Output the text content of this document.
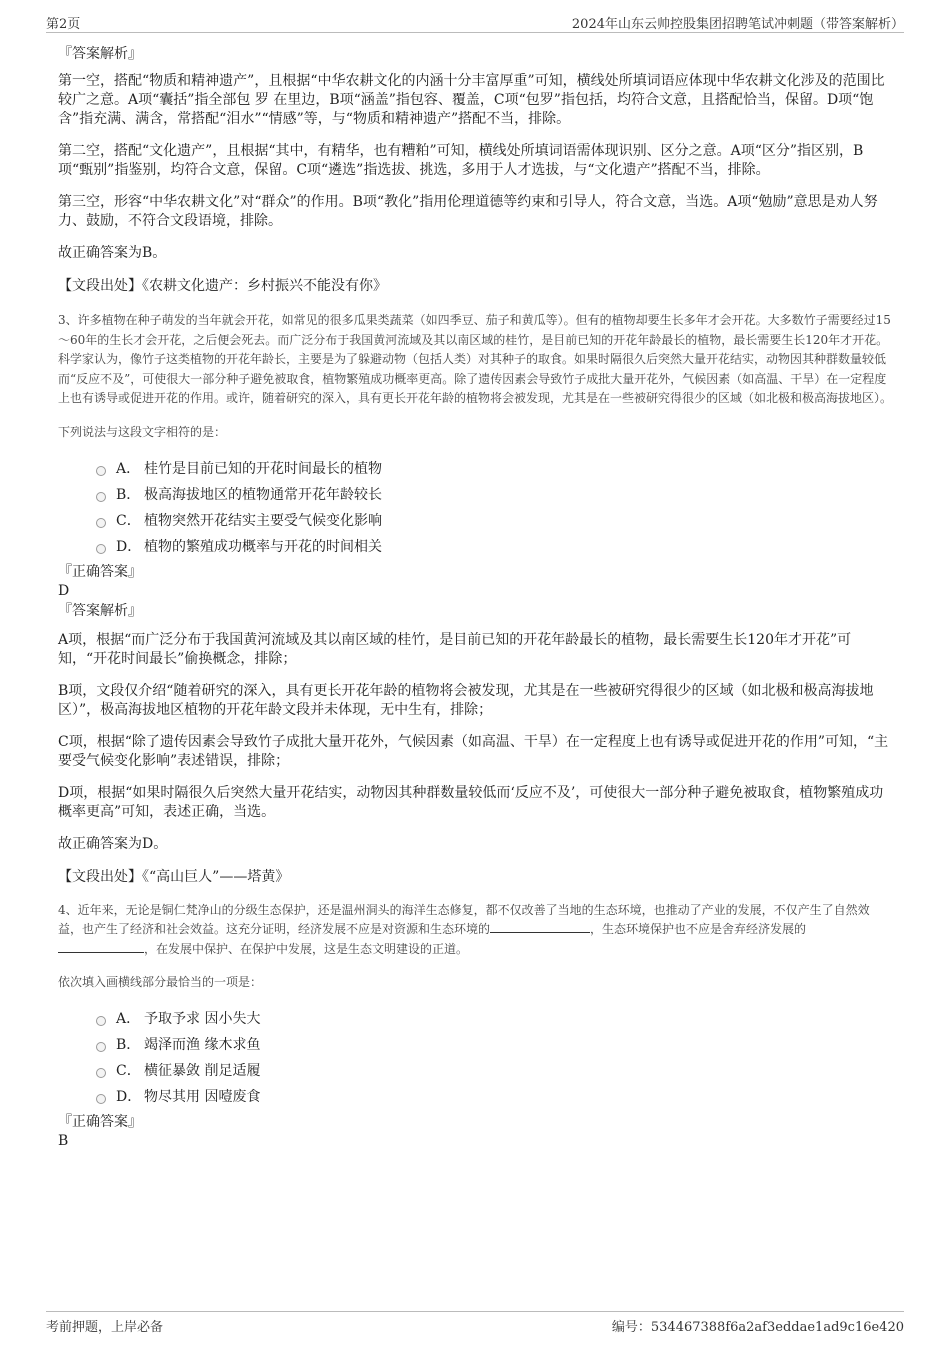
第2页	2024年山东云帅控股集团招聘笔试冲刺题（带答案解析）

『答案解析』

第一空，搭配“物质和精神遗产”，且根据“中华农耕文化的内涵十分丰富厚重”可知，横线处所填词语应体现中华农耕文化涉及的范围比较广之意。A项“囊括”指全部包 罗 在里边，B项“涵盖”指包容、覆盖，C项“包罗”指包括，均符合文意，且搭配恰当，保留。D项“饱含”指充满、满含，常搭配“泪水”“情感”等，与“物质和精神遗产”搭配不当，排除。

第二空，搭配“文化遗产”，且根据“其中，有精华，也有糟粕”可知，横线处所填词语需体现识别、区分之意。A项“区分”指区别，B项“甄别”指鉴别，均符合文意，保留。C项“遴选”指选拔、挑选，多用于人才选拔，与“文化遗产”搭配不当，排除。

第三空，形容“中华农耕文化”对“群众”的作用。B项“教化”指用伦理道德等约束和引导人，符合文意，当选。A项“勉励”意思是劝人努力、鼓励，不符合文段语境，排除。

故正确答案为B。

【文段出处】《农耕文化遗产：乡村振兴不能没有你》

3、许多植物在种子萌发的当年就会开花，如常见的很多瓜果类蔬菜（如四季豆、茄子和黄瓜等）。但有的植物却要生长多年才会开花。大多数竹子需要经过15～60年的生长才会开花，之后便会死去。而广泛分布于我国黄河流域及其以南区域的桂竹，是目前已知的开花年龄最长的植物，最长需要生长120年才开花。科学家认为，像竹子这类植物的开花年龄长，主要是为了躲避动物（包括人类）对其种子的取食。如果时隔很久后突然大量开花结实，动物因其种群数量较低而“反应不及”，可使很大一部分种子避免被取食，植物繁殖成功概率更高。除了遗传因素会导致竹子成批大量开花外，气候因素（如高温、干旱）在一定程度上也有诱导或促进开花的作用。或许，随着研究的深入，具有更长开花年龄的植物将会被发现，尤其是在一些被研究得很少的区域（如北极和极高海拔地区）。

下列说法与这段文字相符的是：

A． 桂竹是目前已知的开花时间最长的植物
B． 极高海拔地区的植物通常开花年龄较长
C． 植物突然开花结实主要受气候变化影响
D． 植物的繁殖成功概率与开花的时间相关

『正确答案』

D

『答案解析』

A项，根据“而广泛分布于我国黄河流域及其以南区域的桂竹，是目前已知的开花年龄最长的植物，最长需要生长120年才开花”可知，“开花时间最长”偷换概念，排除；

B项，文段仅介绍“随着研究的深入，具有更长开花年龄的植物将会被发现，尤其是在一些被研究得很少的区域（如北极和极高海拔地区）”，极高海拔地区植物的开花年龄文段并未体现，无中生有，排除；

C项，根据“除了遗传因素会导致竹子成批大量开花外，气候因素（如高温、干旱）在一定程度上也有诱导或促进开花的作用”可知，“主要受气候变化影响”表述错误，排除；

D项，根据“如果时隔很久后突然大量开花结实，动物因其种群数量较低而‘反应不及’，可使很大一部分种子避免被取食，植物繁殖成功概率更高”可知，表述正确，当选。

故正确答案为D。

【文段出处】《“高山巨人”——塔黄》

4、近年来，无论是铜仁梵净山的分级生态保护，还是温州洞头的海洋生态修复，都不仅改善了当地的生态环境，也推动了产业的发展，不仅产生了自然效益，也产生了经济和社会效益。这充分证明，经济发展不应是对资源和生态环境的	，生态环境保护也不应是舍弃经济发展的，在发展中保护、在保护中发展，这是生态文明建设的正道。

依次填入画横线部分最恰当的一项是：

A． 予取予求 因小失大
B． 竭泽而渔 缘木求鱼
C． 横征暴敛 削足适履
D． 物尽其用 因噎废食

『正确答案』

B

考前押题，上岸必备	编号：534467388f6a2af3eddae1ad9c16e420
